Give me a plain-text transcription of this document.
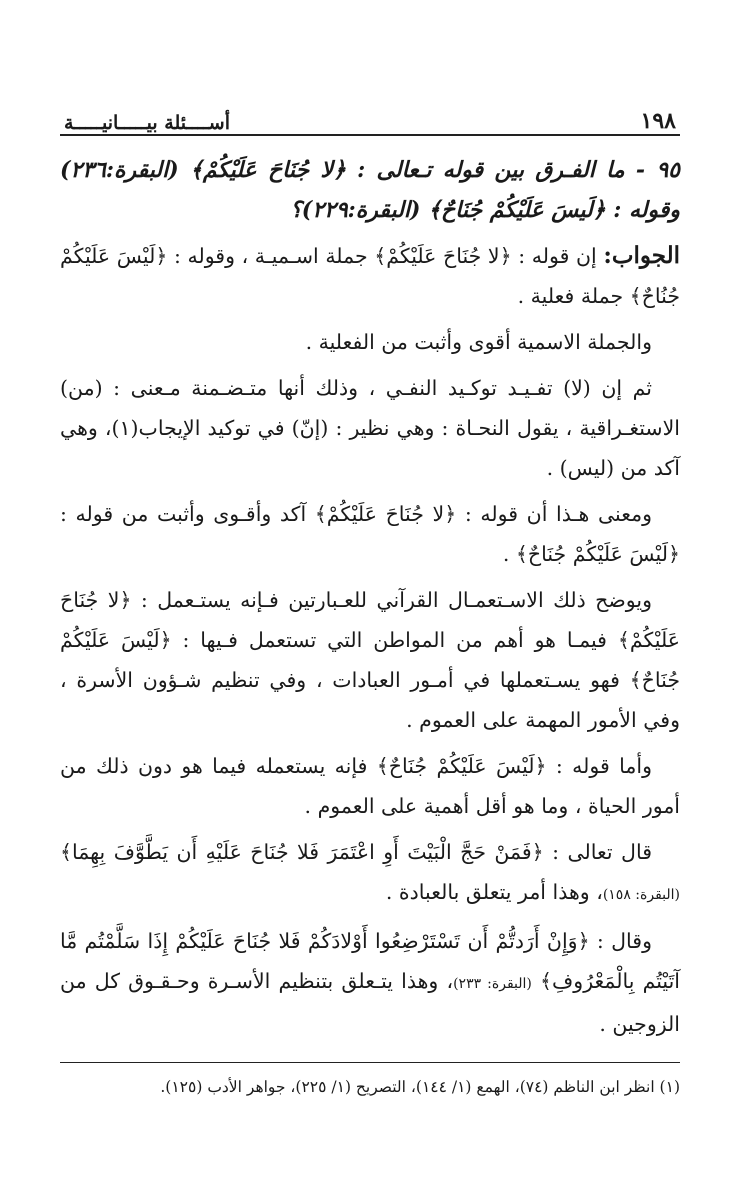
١٩٨
أســــئلة بيـــــانيـــــة
٩٥ - ما الفـرق بين قوله تـعالى : ﴿لا جُنَاحَ عَلَيْكُمْ﴾ (البقرة:٢٣٦) وقوله : ﴿لَيسَ عَلَيْكُمْ جُنَاحٌ﴾ (البقرة:٢٢٩)؟

الجواب: إن قوله : ﴿لا جُنَاحَ عَلَيْكُمْ﴾ جملة اسـميـة ، وقوله : ﴿لَيْسَ عَلَيْكُمْ جُنُاحٌ﴾ جملة فعلية .

والجملة الاسمية أقوى وأثبت من الفعلية .

ثم إن (لا) تفـيـد توكـيد النفـي ، وذلك أنها متـضـمنة مـعنى : (من) الاستغـراقية ، يقول النحـاة : وهي نظير : (إنّ) في توكيد الإيجاب(١)، وهي آكد من (ليس) .

ومعنى هـذا أن قوله : ﴿لا جُنَاحَ عَلَيْكُمْ﴾ آكد وأقـوى وأثبت من قوله : ﴿لَيْسَ عَلَيْكُمْ جُنَاحٌ﴾ .

ويوضح ذلك الاسـتعمـال القرآني للعـبارتين فـإنه يستـعمل : ﴿لا جُنَاحَ عَلَيْكُمْ﴾ فيمـا هو أهم من المواطن التي تستعمل فـيها : ﴿لَيْسَ عَلَيْكُمْ جُنَاحٌ﴾ فهو يسـتعملها في أمـور العبادات ، وفي تنظيم شـؤون الأسرة ، وفي الأمور المهمة على العموم .

وأما قوله : ﴿لَيْسَ عَلَيْكُمْ جُنَاحٌ﴾ فإنه يستعمله فيما هو دون ذلك من أمور الحياة ، وما هو أقل أهمية على العموم .

قال تعالى : ﴿فَمَنْ حَجَّ الْبَيْتَ أَوِ اعْتَمَرَ فَلا جُنَاحَ عَلَيْهِ أَن يَطَّوَّفَ بِهِمَا﴾ (البقرة: ١٥٨)، وهذا أمر يتعلق بالعبادة .

وقال : ﴿وَإِنْ أَرَدتُّمْ أَن تَسْتَرْضِعُوا أَوْلادَكُمْ فَلا جُنَاحَ عَلَيْكُمْ إِذَا سَلَّمْتُم مَّا آتَيْتُم بِالْمَعْرُوفِ﴾ (البقرة: ٢٣٣)، وهذا يتـعلق بتنظيم الأسـرة وحـقـوق كل من الزوجين .

(١) انظر ابن الناظم (٧٤)، الهمع (١/ ١٤٤)، التصريح (١/ ٢٢٥)، جواهر الأدب (١٢٥).
